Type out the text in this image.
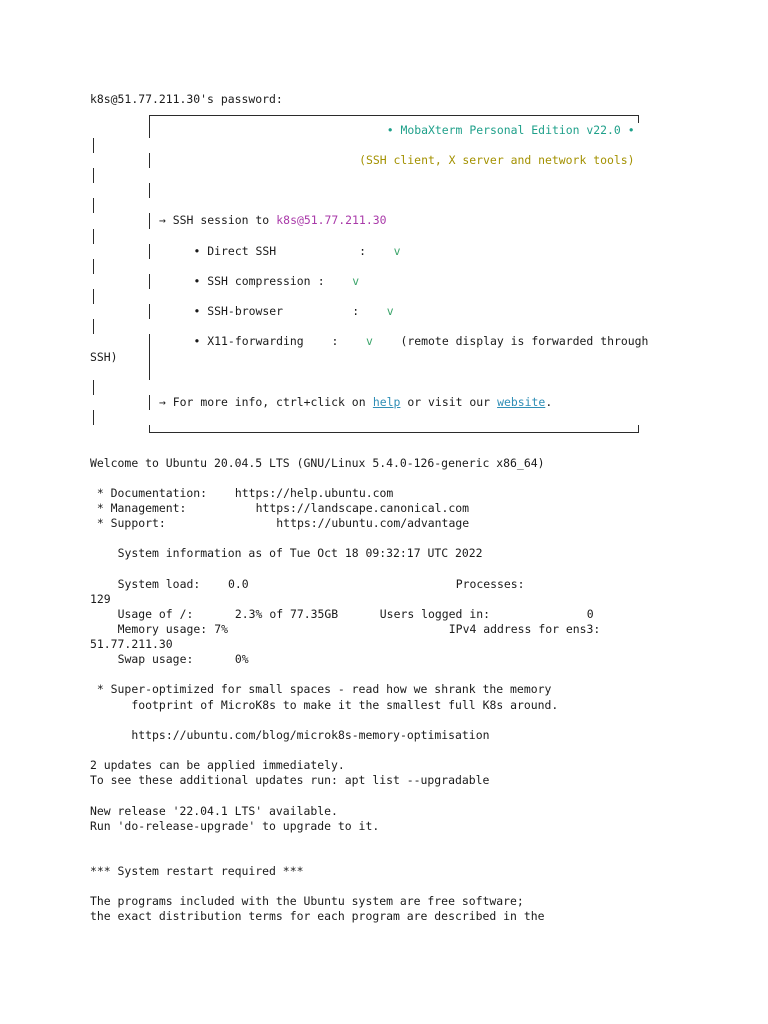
k8s@51.77.211.30's password:
• MobaXterm Personal Edition v22.0 •
(SSH client, X server and network tools)
→ SSH session to k8s@51.77.211.30
• Direct SSH	: v
• SSH compression : v
• SSH-browser	: v
• X11-forwarding : v (remote display is forwarded through
SSH)
→ For more info, ctrl+click on help or visit our website .
Welcome to Ubuntu 20.04.5 LTS (GNU/Linux 5.4.0-126-generic x86_64)
* Documentation: https://help.ubuntu.com
* Management:	https://landscape.canonical.com
* Support:	https://ubuntu.com/advantage
System information as of Tue Oct 18 09:32:17 UTC 2022
System load: 0.0	Processes:
129
Usage of /:	2.3% of 77.35GB	Users logged in:	0
Memory usage: 7%	IPv4 address for ens3:
51.77.211.30
Swap usage:	0%
* Super-optimized for small spaces - read how we shrank the memory
footprint of MicroK8s to make it the smallest full K8s around.
https://ubuntu.com/blog/microk8s-memory-optimisation
2 updates can be applied immediately.
To see these additional updates run: apt list --upgradable
New release '22.04.1 LTS' available.
Run 'do-release-upgrade' to upgrade to it.
*** System restart required ***
The programs included with the Ubuntu system are free software;
the exact distribution terms for each program are described in the
